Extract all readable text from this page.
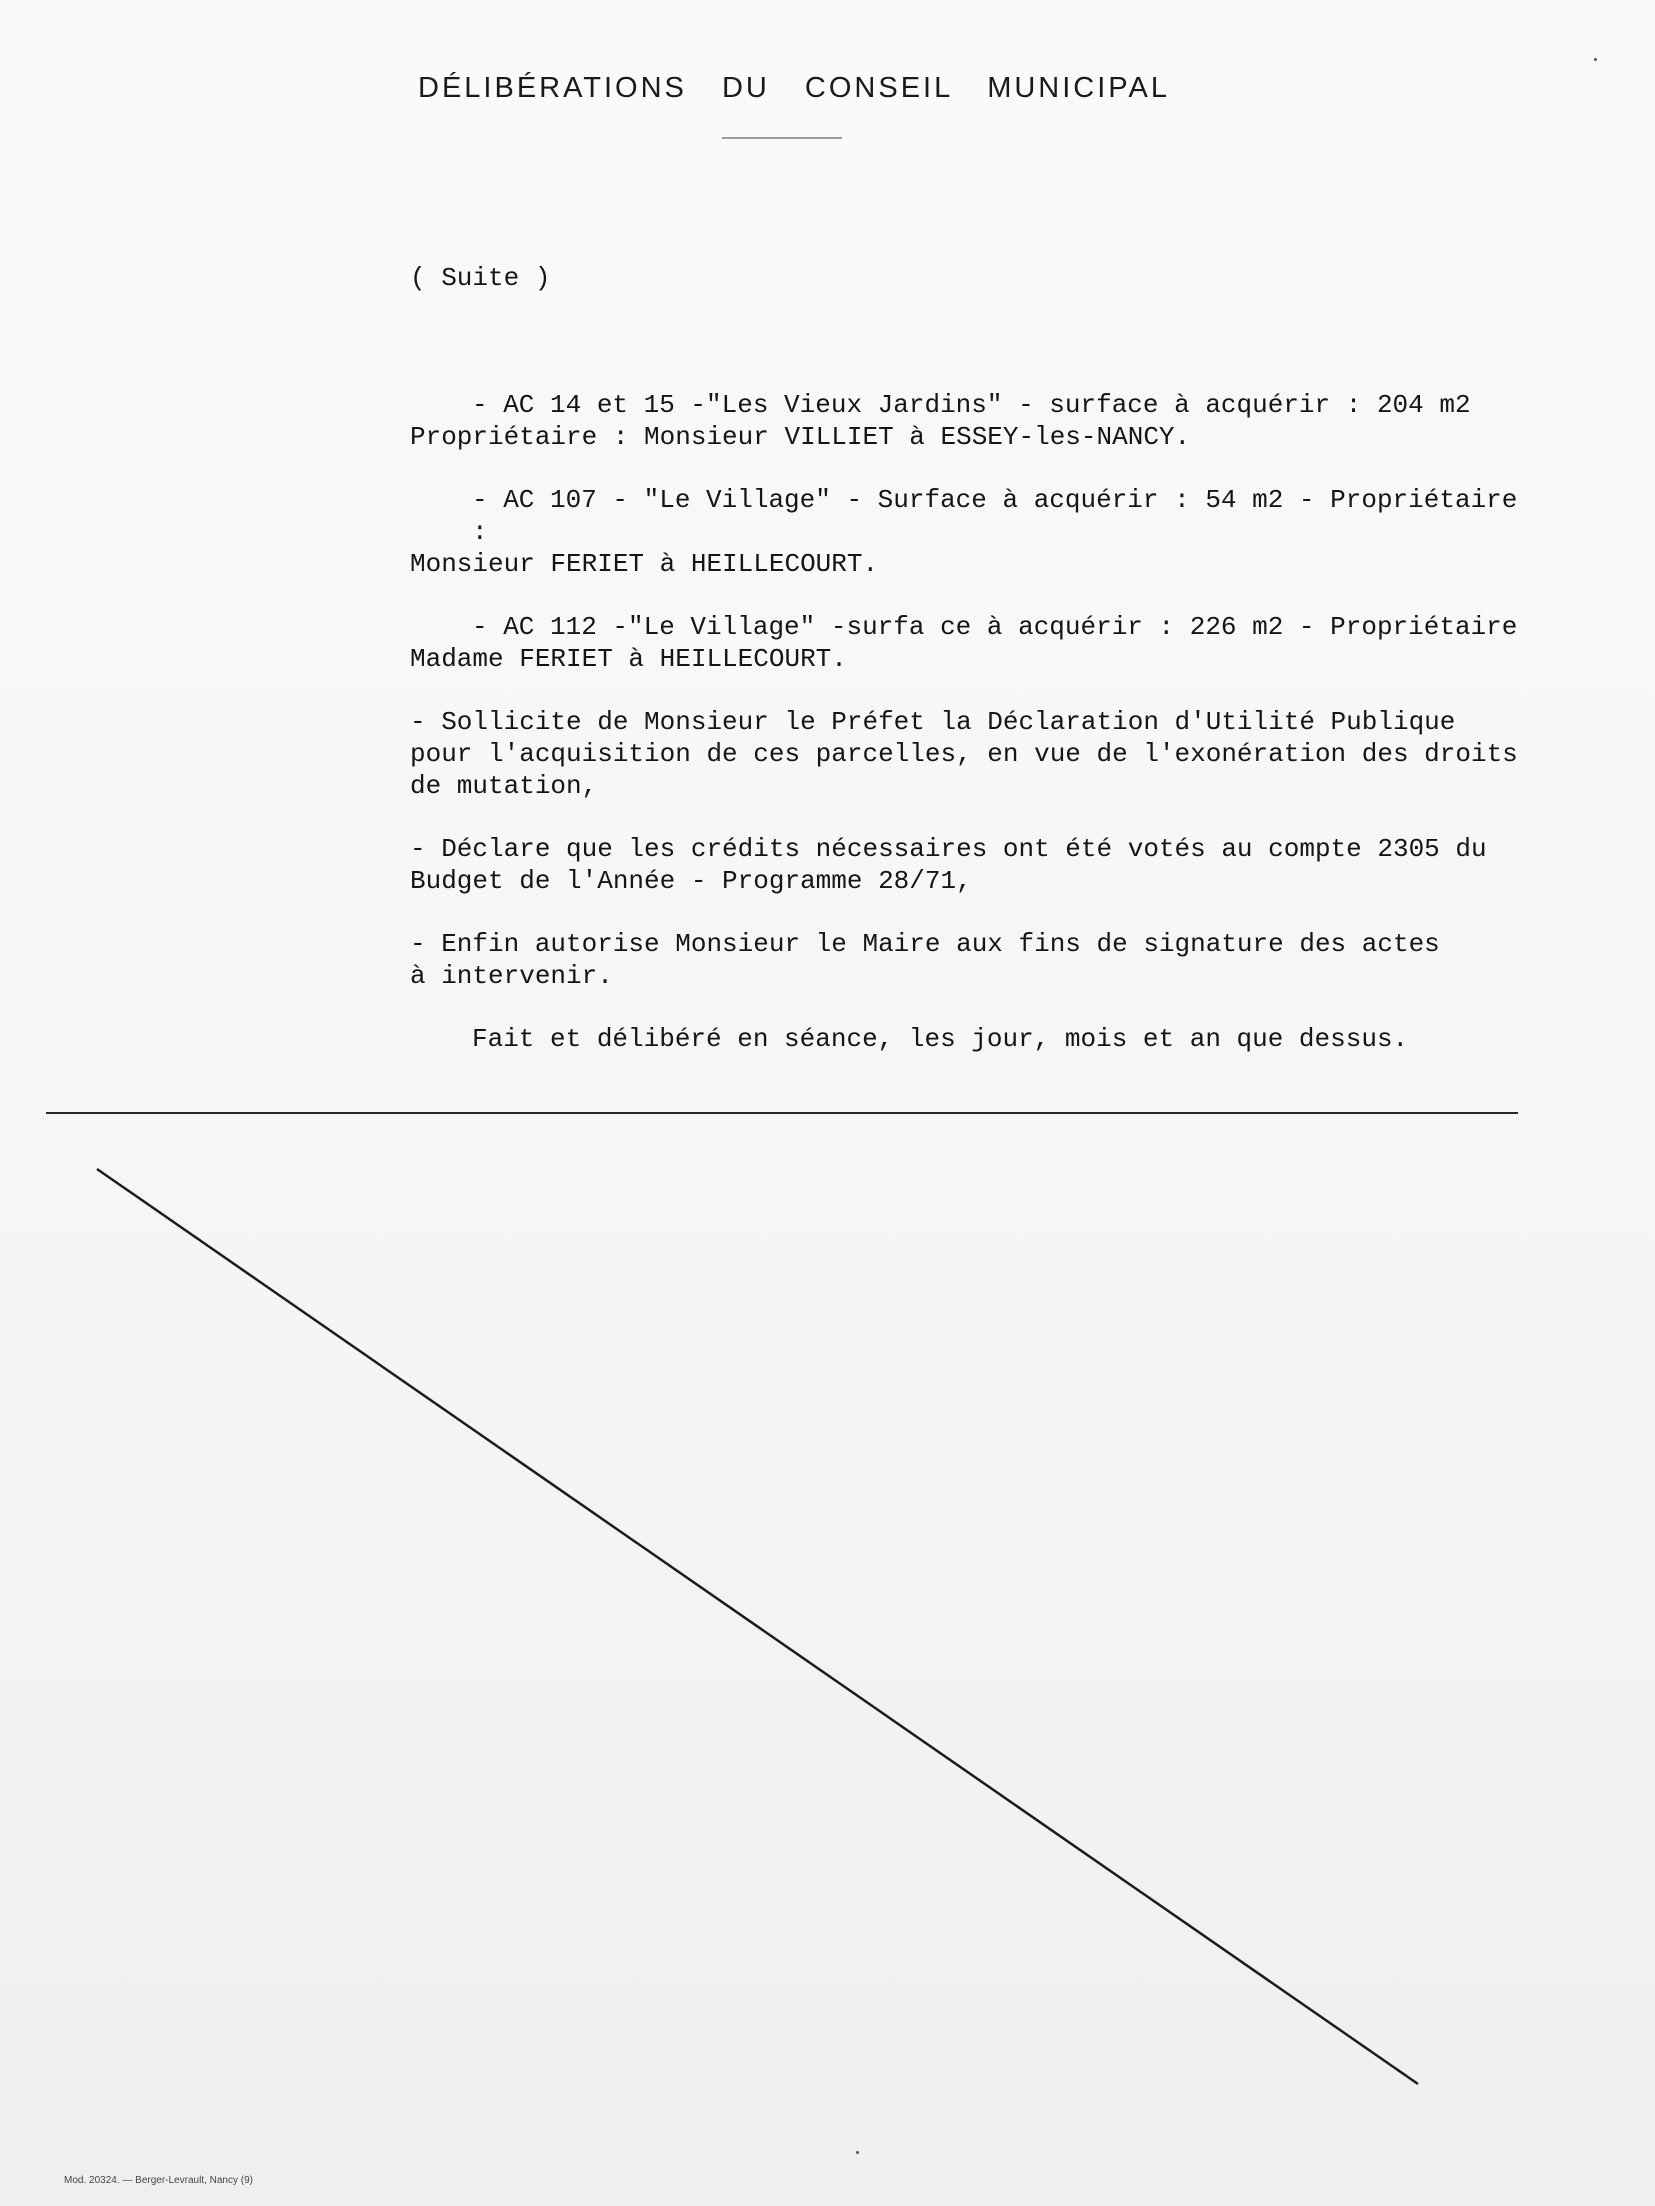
DÉLIBÉRATIONS DU CONSEIL MUNICIPAL

( Suite )

- AC 14 et 15 -"Les Vieux Jardins" - surface à acquérir : 204 m2

Propriétaire : Monsieur VILLIET à ESSEY-les-NANCY.

- AC 107 - "Le Village" - Surface à acquérir : 54 m2 - Propriétaire :

Monsieur FERIET à HEILLECOURT.

- AC 112 -"Le Village" -surfa ce à acquérir : 226 m2 - Propriétaire

Madame FERIET à HEILLECOURT.

- Sollicite de Monsieur le Préfet la Déclaration d'Utilité Publique

pour l'acquisition de ces parcelles, en vue de l'exonération des droits

de mutation,

- Déclare que les crédits nécessaires ont été votés au compte 2305 du

Budget de l'Année - Programme 28/71,

- Enfin autorise Monsieur le Maire aux fins de signature des actes

à intervenir.

Fait et délibéré en séance, les jour, mois et an que dessus.

Mod. 20324. — Berger-Levrault, Nancy (9)
